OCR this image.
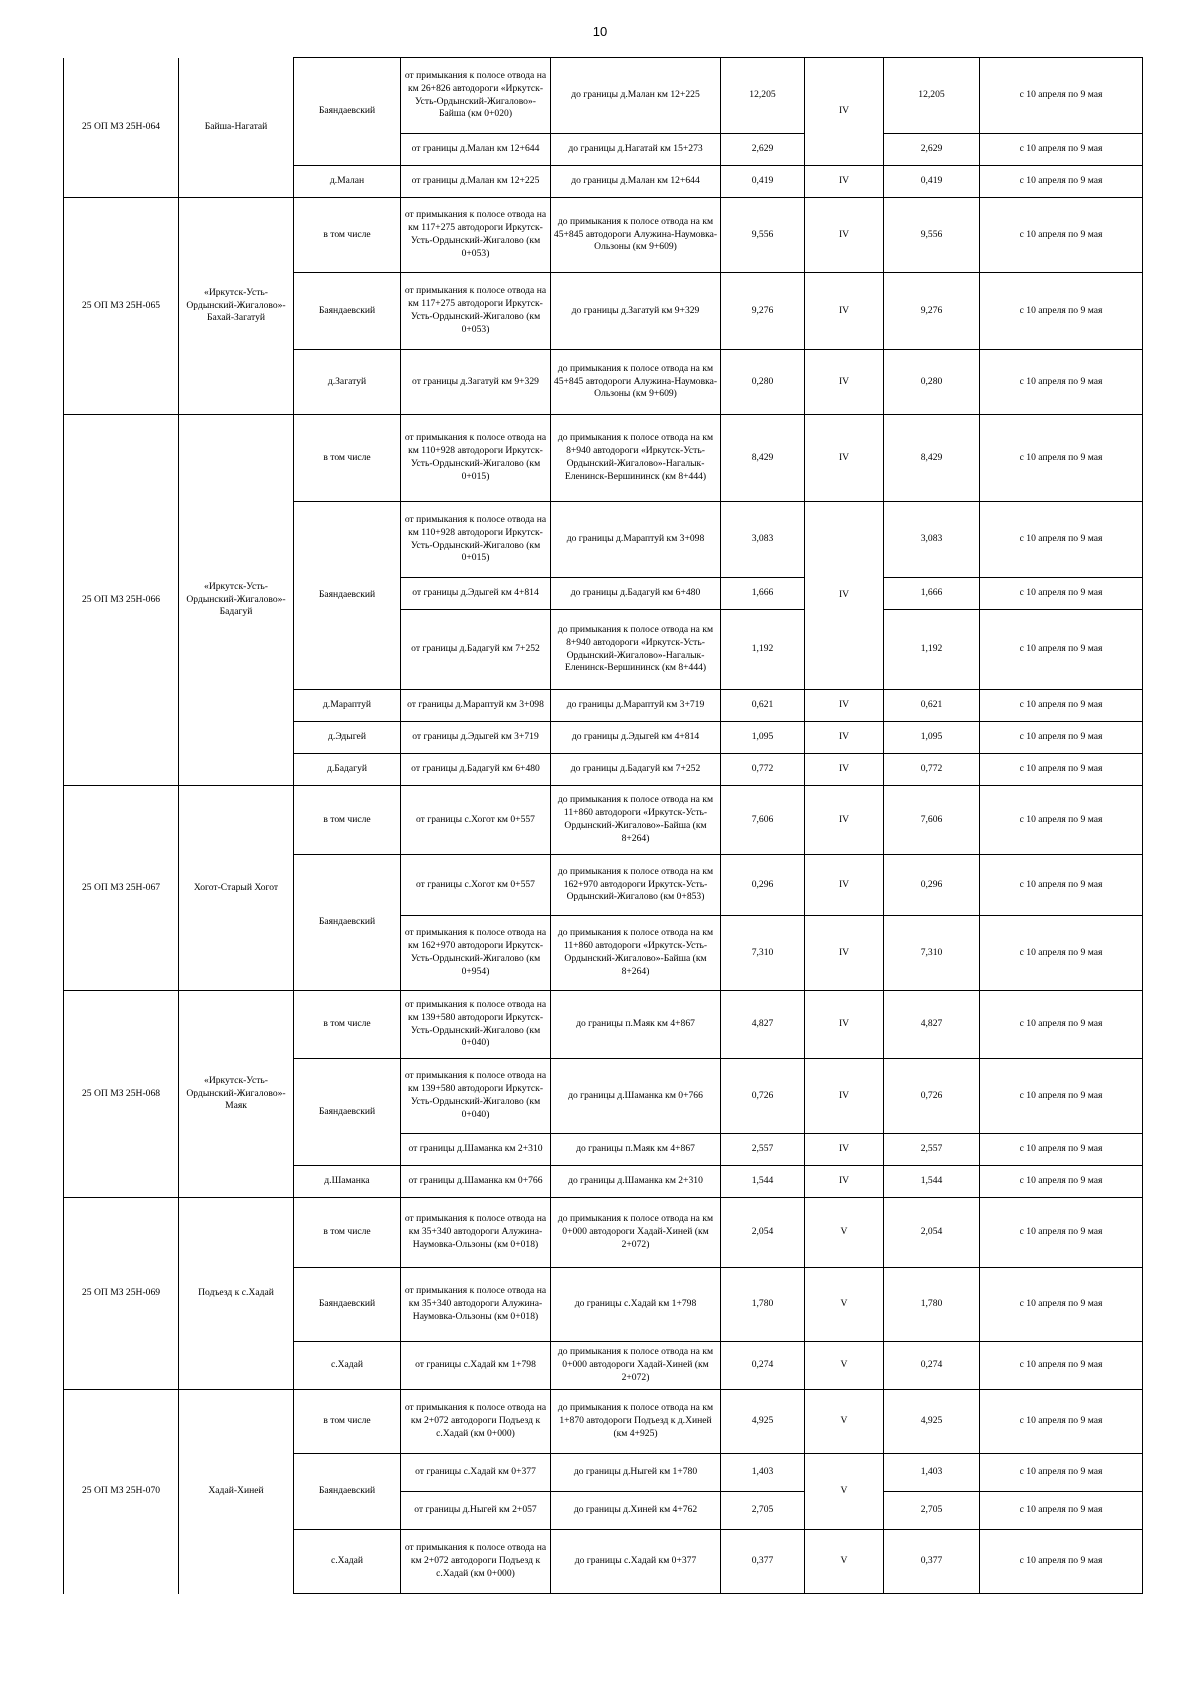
10
25 ОП МЗ 25Н-064	Байша-Нагатай	Баяндаевский	от примыкания к полосе отвода на км 26+826 автодороги «Иркутск-Усть-Ордынский-Жигалово»-Байша (км 0+020)	до границы д.Малан км 12+225	12,205	IV	12,205	с 10 апреля по 9 мая
			от границы д.Малан км 12+644	до границы д.Нагатай км 15+273	2,629		2,629	с 10 апреля по 9 мая
		д.Малан	от границы д.Малан км 12+225	до границы д.Малан км 12+644	0,419	IV	0,419	с 10 апреля по 9 мая
25 ОП МЗ 25Н-065	«Иркутск-Усть-Ордынский-Жигалово»-Бахай-Загатуй	в том числе	от примыкания к полосе отвода на км 117+275 автодороги Иркутск-Усть-Ордынский-Жигалово (км 0+053)	до примыкания к полосе отвода на км 45+845 автодороги Алужина-Наумовка-Ользоны (км 9+609)	9,556	IV	9,556	с 10 апреля по 9 мая
		Баяндаевский	от примыкания к полосе отвода на км 117+275 автодороги Иркутск-Усть-Ордынский-Жигалово (км 0+053)	до границы д.Загатуй км 9+329	9,276	IV	9,276	с 10 апреля по 9 мая
		д.Загатуй	от границы д.Загатуй км 9+329	до примыкания к полосе отвода на км 45+845 автодороги Алужина-Наумовка-Ользоны (км 9+609)	0,280	IV	0,280	с 10 апреля по 9 мая
25 ОП МЗ 25Н-066	«Иркутск-Усть-Ордынский-Жигалово»-Бадагуй	в том числе	от примыкания к полосе отвода на км 110+928 автодороги Иркутск-Усть-Ордынский-Жигалово (км 0+015)	до примыкания к полосе отвода на км 8+940 автодороги «Иркутск-Усть-Ордынский-Жигалово»-Нагалык-Еленинск-Вершининск (км 8+444)	8,429	IV	8,429	с 10 апреля по 9 мая
		Баяндаевский	от примыкания к полосе отвода на км 110+928 автодороги Иркутск-Усть-Ордынский-Жигалово (км 0+015)	до границы д.Мараптуй км 3+098	3,083	IV	3,083	с 10 апреля по 9 мая
			от границы д.Эдыгей км 4+814	до границы д.Бадагуй км 6+480	1,666		1,666	с 10 апреля по 9 мая
			от границы д.Бадагуй км 7+252	до примыкания к полосе отвода на км 8+940 автодороги «Иркутск-Усть-Ордынский-Жигалово»-Нагалык-Еленинск-Вершининск (км 8+444)	1,192		1,192	с 10 апреля по 9 мая
		д.Мараптуй	от границы д.Мараптуй км 3+098	до границы д.Мараптуй км 3+719	0,621	IV	0,621	с 10 апреля по 9 мая
		д.Эдыгей	от границы д.Эдыгей км 3+719	до границы д.Эдыгей км 4+814	1,095	IV	1,095	с 10 апреля по 9 мая
		д.Бадагуй	от границы д.Бадагуй км 6+480	до границы д.Бадагуй км 7+252	0,772	IV	0,772	с 10 апреля по 9 мая
25 ОП МЗ 25Н-067	Хогот-Старый Хогот	в том числе	от границы с.Хогот км 0+557	до примыкания к полосе отвода на км 11+860 автодороги «Иркутск-Усть-Ордынский-Жигалово»-Байша (км 8+264)	7,606	IV	7,606	с 10 апреля по 9 мая
		Баяндаевский	от границы с.Хогот км 0+557	до примыкания к полосе отвода на км 162+970 автодороги Иркутск-Усть-Ордынский-Жигалово (км 0+853)	0,296	IV	0,296	с 10 апреля по 9 мая
			от примыкания к полосе отвода на км 162+970 автодороги Иркутск-Усть-Ордынский-Жигалово (км 0+954)	до примыкания к полосе отвода на км 11+860 автодороги «Иркутск-Усть-Ордынский-Жигалово»-Байша (км 8+264)	7,310	IV	7,310	с 10 апреля по 9 мая
25 ОП МЗ 25Н-068	«Иркутск-Усть-Ордынский-Жигалово»-Маяк	в том числе	от примыкания к полосе отвода на км 139+580 автодороги Иркутск-Усть-Ордынский-Жигалово (км 0+040)	до границы п.Маяк км 4+867	4,827	IV	4,827	с 10 апреля по 9 мая
		Баяндаевский	от примыкания к полосе отвода на км 139+580 автодороги Иркутск-Усть-Ордынский-Жигалово (км 0+040)	до границы д.Шаманка км 0+766	0,726	IV	0,726	с 10 апреля по 9 мая
			от границы д.Шаманка км 2+310	до границы п.Маяк км 4+867	2,557	IV	2,557	с 10 апреля по 9 мая
		д.Шаманка	от границы д.Шаманка км 0+766	до границы д.Шаманка км 2+310	1,544	IV	1,544	с 10 апреля по 9 мая
25 ОП МЗ 25Н-069	Подъезд к с.Хадай	в том числе	от примыкания к полосе отвода на км 35+340 автодороги Алужина-Наумовка-Ользоны (км 0+018)	до примыкания к полосе отвода на км 0+000 автодороги Хадай-Хиней (км 2+072)	2,054	V	2,054	с 10 апреля по 9 мая
		Баяндаевский	от примыкания к полосе отвода на км 35+340 автодороги Алужина-Наумовка-Ользоны (км 0+018)	до границы с.Хадай км 1+798	1,780	V	1,780	с 10 апреля по 9 мая
		с.Хадай	от границы с.Хадай км 1+798	до примыкания к полосе отвода на км 0+000 автодороги Хадай-Хиней (км 2+072)	0,274	V	0,274	с 10 апреля по 9 мая
25 ОП МЗ 25Н-070	Хадай-Хиней	в том числе	от примыкания к полосе отвода на км 2+072 автодороги Подъезд к с.Хадай (км 0+000)	до примыкания к полосе отвода на км 1+870 автодороги Подъезд к д.Хиней (км 4+925)	4,925	V	4,925	с 10 апреля по 9 мая
		Баяндаевский	от границы с.Хадай км 0+377	до границы д.Ныгей км 1+780	1,403	V	1,403	с 10 апреля по 9 мая
			от границы д.Ныгей км 2+057	до границы д.Хиней км 4+762	2,705		2,705	с 10 апреля по 9 мая
		с.Хадай	от примыкания к полосе отвода на км 2+072 автодороги Подъезд к с.Хадай (км 0+000)	до границы с.Хадай км 0+377	0,377	V	0,377	с 10 апреля по 9 мая
